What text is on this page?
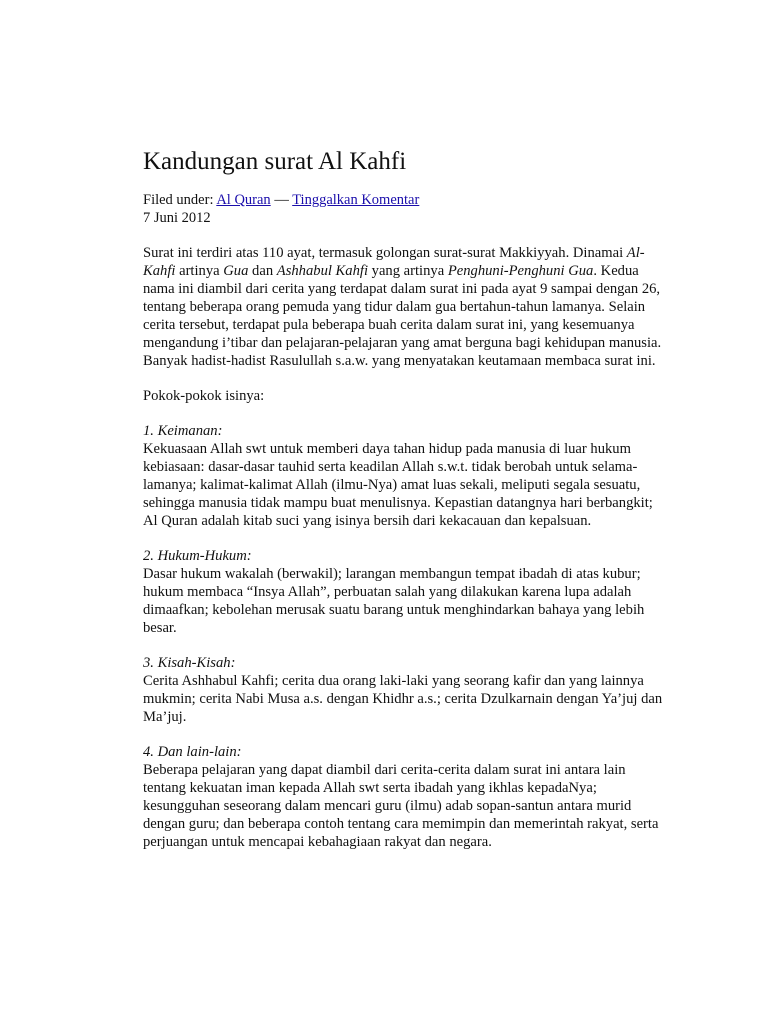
Kandungan surat Al Kahfi
Filed under: Al Quran — Tinggalkan Komentar
7 Juni 2012

Surat ini terdiri atas 110 ayat, termasuk golongan surat-surat Makkiyyah. Dinamai Al-Kahfi artinya Gua dan Ashhabul Kahfi yang artinya Penghuni-Penghuni Gua. Kedua nama ini diambil dari cerita yang terdapat dalam surat ini pada ayat 9 sampai dengan 26, tentang beberapa orang pemuda yang tidur dalam gua bertahun-tahun lamanya. Selain cerita tersebut, terdapat pula beberapa buah cerita dalam surat ini, yang kesemuanya mengandung i’tibar dan pelajaran-pelajaran yang amat berguna bagi kehidupan manusia. Banyak hadist-hadist Rasulullah s.a.w. yang menyatakan keutamaan membaca surat ini.

Pokok-pokok isinya:

1. Keimanan:
Kekuasaan Allah swt untuk memberi daya tahan hidup pada manusia di luar hukum kebiasaan: dasar-dasar tauhid serta keadilan Allah s.w.t. tidak berobah untuk selama-lamanya; kalimat-kalimat Allah (ilmu-Nya) amat luas sekali, meliputi segala sesuatu, sehingga manusia tidak mampu buat menulisnya. Kepastian datangnya hari berbangkit; Al Quran adalah kitab suci yang isinya bersih dari kekacauan dan kepalsuan.
2. Hukum-Hukum:
Dasar hukum wakalah (berwakil); larangan membangun tempat ibadah di atas kubur; hukum membaca “Insya Allah”, perbuatan salah yang dilakukan karena lupa adalah dimaafkan; kebolehan merusak suatu barang untuk menghindarkan bahaya yang lebih besar.
3. Kisah-Kisah:
Cerita Ashhabul Kahfi; cerita dua orang laki-laki yang seorang kafir dan yang lainnya mukmin; cerita Nabi Musa a.s. dengan Khidhr a.s.; cerita Dzulkarnain dengan Ya’juj dan Ma’juj.
4. Dan lain-lain:
Beberapa pelajaran yang dapat diambil dari cerita-cerita dalam surat ini antara lain tentang kekuatan iman kepada Allah swt serta ibadah yang ikhlas kepadaNya; kesungguhan seseorang dalam mencari guru (ilmu) adab sopan-santun antara murid dengan guru; dan beberapa contoh tentang cara memimpin dan memerintah rakyat, serta perjuangan untuk mencapai kebahagiaan rakyat dan negara.
